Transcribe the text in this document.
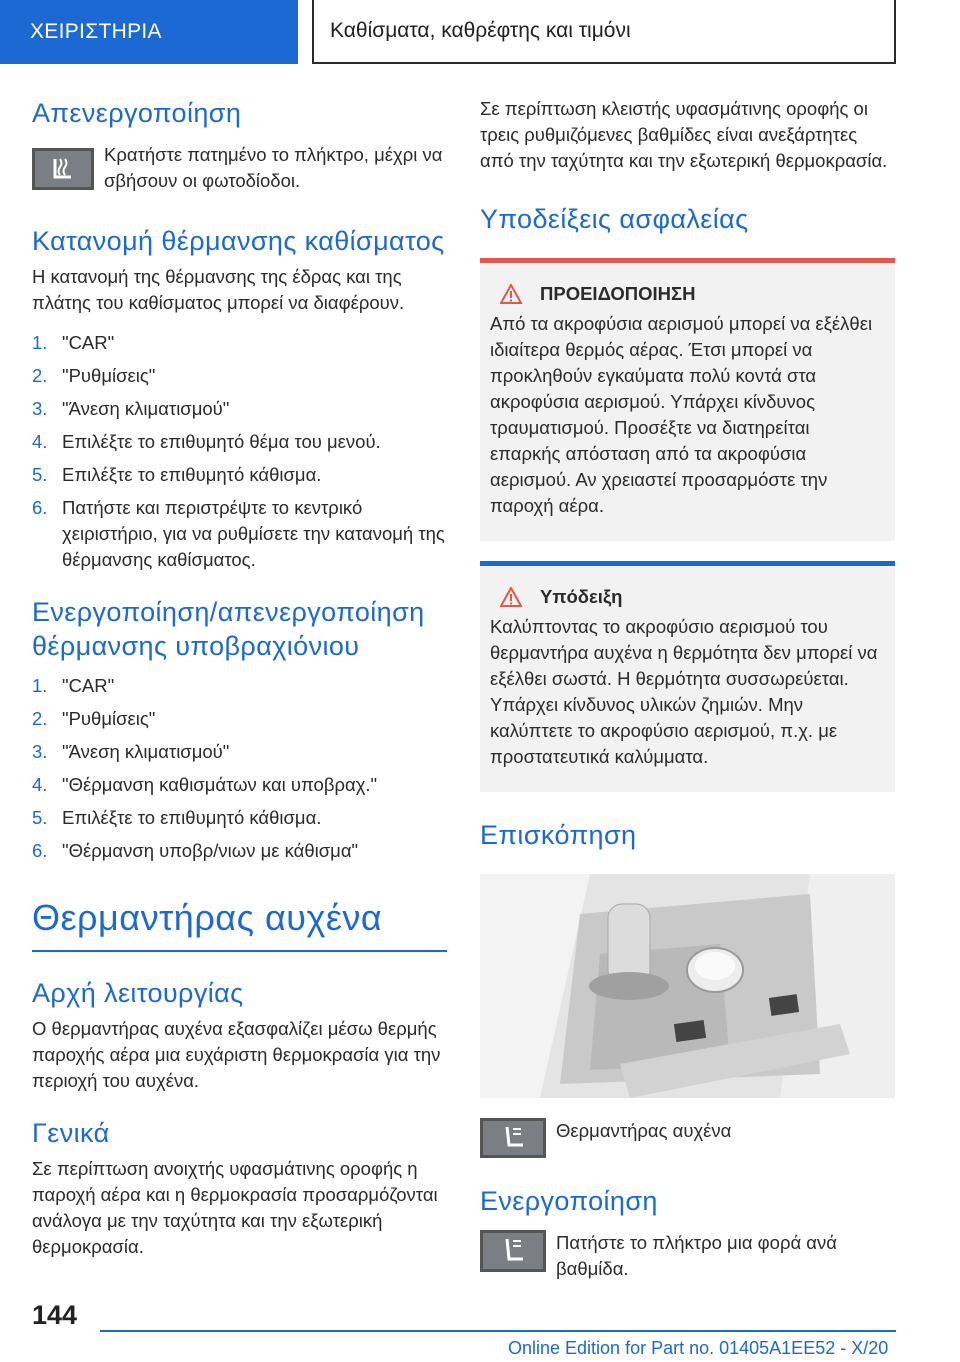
ΧΕΙΡΙΣΤΗΡΙΑ	Καθίσματα, καθρέφτης και τιμόνι
Απενεργοποίηση

Κρατήστε πατημένο το πλήκτρο, μέχρι να σβήσουν οι φωτοδίοδοι.

Κατανομή θέρμανσης καθίσματος

Η κατανομή της θέρμανσης της έδρας και της πλάτης του καθίσματος μπορεί να διαφέρουν.

1. "CAR"
2. "Ρυθμίσεις"
3. "Άνεση κλιματισμού"
4. Επιλέξτε το επιθυμητό θέμα του μενού.
5. Επιλέξτε το επιθυμητό κάθισμα.
6. Πατήστε και περιστρέψτε το κεντρικό χειριστήριο, για να ρυθμίσετε την κατανομή της θέρμανσης καθίσματος.
Ενεργοποίηση/απενεργοποίηση θέρμανσης υποβραχιόνιου
1. "CAR"
2. "Ρυθμίσεις"
3. "Άνεση κλιματισμού"
4. "Θέρμανση καθισμάτων και υποβραχ."
5. Επιλέξτε το επιθυμητό κάθισμα.
6. "Θέρμανση υποβρ/νιων με κάθισμα"
Θερμαντήρας αυχένα
Αρχή λειτουργίας

Ο θερμαντήρας αυχένα εξασφαλίζει μέσω θερμής παροχής αέρα μια ευχάριστη θερμοκρασία για την περιοχή του αυχένα.

Γενικά

Σε περίπτωση ανοιχτής υφασμάτινης οροφής η παροχή αέρα και η θερμοκρασία προσαρμόζονται ανάλογα με την ταχύτητα και την εξωτερική θερμοκρασία.

Σε περίπτωση κλειστής υφασμάτινης οροφής οι τρεις ρυθμιζόμενες βαθμίδες είναι ανεξάρτητες από την ταχύτητα και την εξωτερική θερμοκρασία.

Υποδείξεις ασφαλείας
ΠΡΟΕΙΔΟΠΟΙΗΣΗ

Από τα ακροφύσια αερισμού μπορεί να εξέλθει ιδιαίτερα θερμός αέρας. Έτσι μπορεί να προκληθούν εγκαύματα πολύ κοντά στα ακροφύσια αερισμού. Υπάρχει κίνδυνος τραυματισμού. Προσέξτε να διατηρείται επαρκής απόσταση από τα ακροφύσια αερισμού. Αν χρειαστεί προσαρμόστε την παροχή αέρα.

Υπόδειξη

Καλύπτοντας το ακροφύσιο αερισμού του θερμαντήρα αυχένα η θερμότητα δεν μπορεί να εξέλθει σωστά. Η θερμότητα συσσωρεύεται. Υπάρχει κίνδυνος υλικών ζημιών. Μην καλύπτετε το ακροφύσιο αερισμού, π.χ. με προστατευτικά καλύμματα.

Επισκόπηση

Θερμαντήρας αυχένα

Ενεργοποίηση

Πατήστε το πλήκτρο μια φορά ανά βαθμίδα.

144
Online Edition for Part no. 01405A1EE52 - X/20
